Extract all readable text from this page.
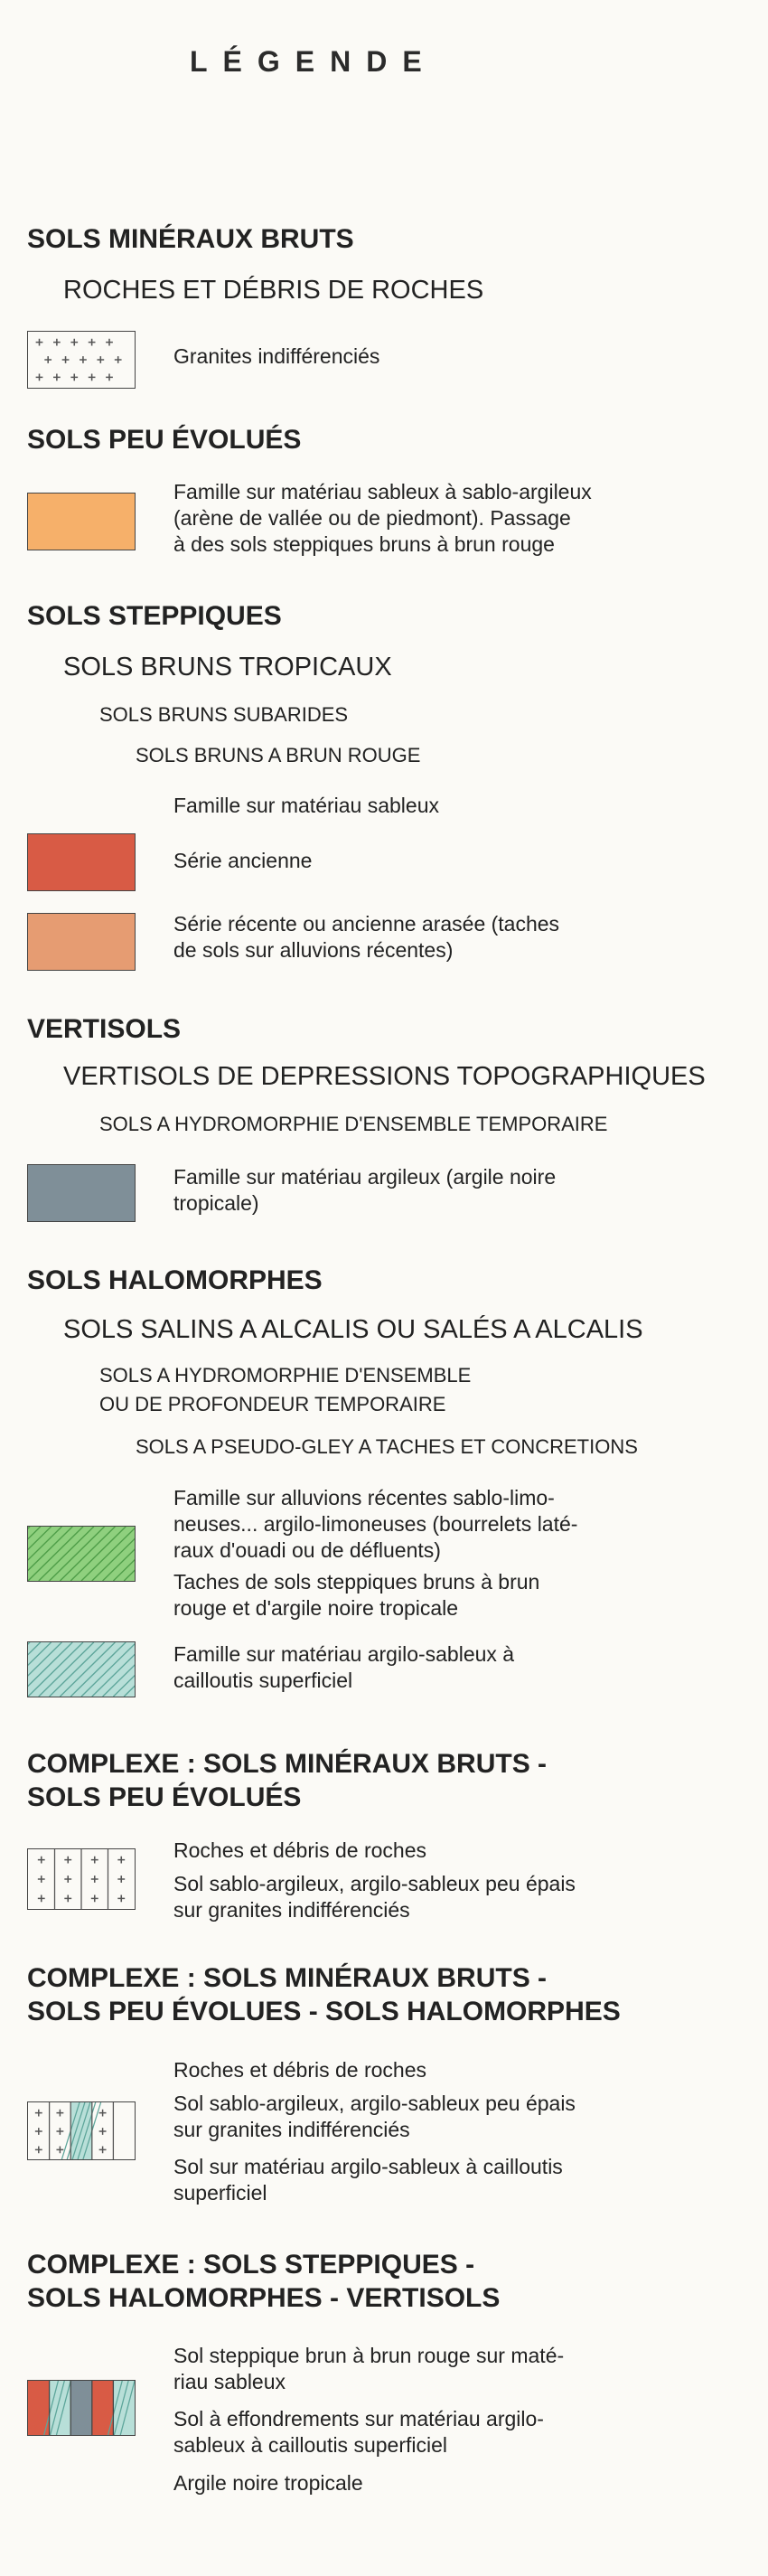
LÉGENDE
SOLS MINÉRAUX BRUTS
ROCHES ET DÉBRIS DE ROCHES
Granites indifférenciés
SOLS PEU ÉVOLUÉS
Famille sur matériau sableux à sablo-argileux
(arène de vallée ou de piedmont). Passage
à des sols steppiques bruns à brun rouge
SOLS STEPPIQUES
SOLS BRUNS TROPICAUX
SOLS BRUNS SUBARIDES
SOLS BRUNS A BRUN ROUGE
Famille sur matériau sableux
Série ancienne
Série récente ou ancienne arasée (taches
de sols sur alluvions récentes)
VERTISOLS
VERTISOLS DE DEPRESSIONS TOPOGRAPHIQUES
SOLS A HYDROMORPHIE D'ENSEMBLE TEMPORAIRE
Famille sur matériau argileux (argile noire
tropicale)
SOLS HALOMORPHES
SOLS SALINS A ALCALIS OU SALÉS A ALCALIS
SOLS A HYDROMORPHIE D'ENSEMBLE
OU DE PROFONDEUR TEMPORAIRE
SOLS A PSEUDO-GLEY A TACHES ET CONCRETIONS
Famille sur alluvions récentes sablo-limo-
neuses... argilo-limoneuses (bourrelets laté-
raux d'ouadi ou de défluents)
Taches de sols steppiques bruns à brun
rouge et d'argile noire tropicale
Famille sur matériau argilo-sableux à
cailloutis superficiel
COMPLEXE : SOLS MINÉRAUX BRUTS -
SOLS PEU ÉVOLUÉS
Roches et débris de roches
Sol sablo-argileux, argilo-sableux peu épais
sur granites indifférenciés
COMPLEXE : SOLS MINÉRAUX BRUTS -
SOLS PEU ÉVOLUES - SOLS HALOMORPHES
Roches et débris de roches
Sol sablo-argileux, argilo-sableux peu épais
sur granites indifférenciés
Sol sur matériau argilo-sableux à cailloutis
superficiel
COMPLEXE : SOLS STEPPIQUES -
SOLS HALOMORPHES - VERTISOLS
Sol steppique brun à brun rouge sur maté-
riau sableux
Sol à effondrements sur matériau argilo-
sableux à cailloutis superficiel
Argile noire tropicale
